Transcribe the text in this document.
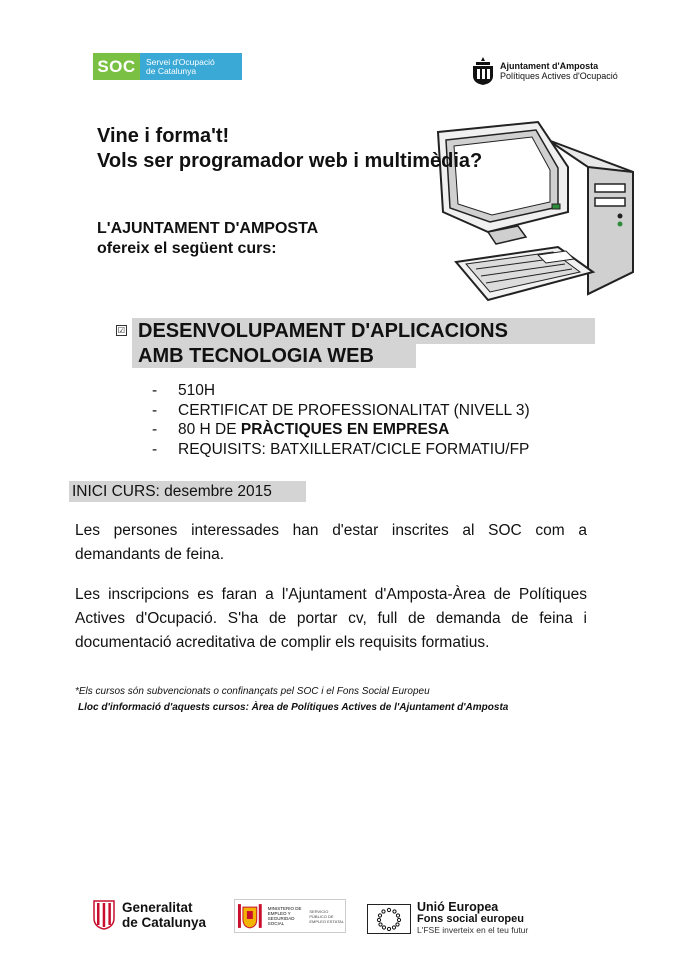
SOC	Servei d'Ocupació
de Catalunya	Ajuntament d'Amposta
Polítiques Actives d'Ocupació
Vine i forma't!
Vols ser programador web i multimèdia?
L'AJUNTAMENT D'AMPOSTA
ofereix el següent curs:
☑ DESENVOLUPAMENT D'APLICACIONS
AMB TECNOLOGIA WEB
- 510H
- CERTIFICAT DE PROFESSIONALITAT (NIVELL 3)
- 80 H DE PRÀCTIQUES EN EMPRESA
- REQUISITS: BATXILLERAT/CICLE FORMATIU/FP
INICI CURS: desembre 2015
Les persones interessades han d'estar inscrites al SOC com a demandants de feina.
Les inscripcions es faran a l'Ajuntament d'Amposta-Àrea de Polítiques Actives d'Ocupació. S'ha de portar cv, full de demanda de feina i documentació acreditativa de complir els requisits formatius.
*Els cursos són subvencionats o confinançats pel SOC i el Fons Social Europeu
Lloc d'informació d'aquests cursos: Àrea de Polítiques Actives de l'Ajuntament d'Amposta
Generalitat
de Catalunya
MINISTERIO DE EMPLEO Y SEGURIDAD SOCIAL
SERVICIO PÚBLICO DE EMPLEO ESTATAL
Unió Europea
Fons social europeu
L'FSE inverteix en el teu futur
